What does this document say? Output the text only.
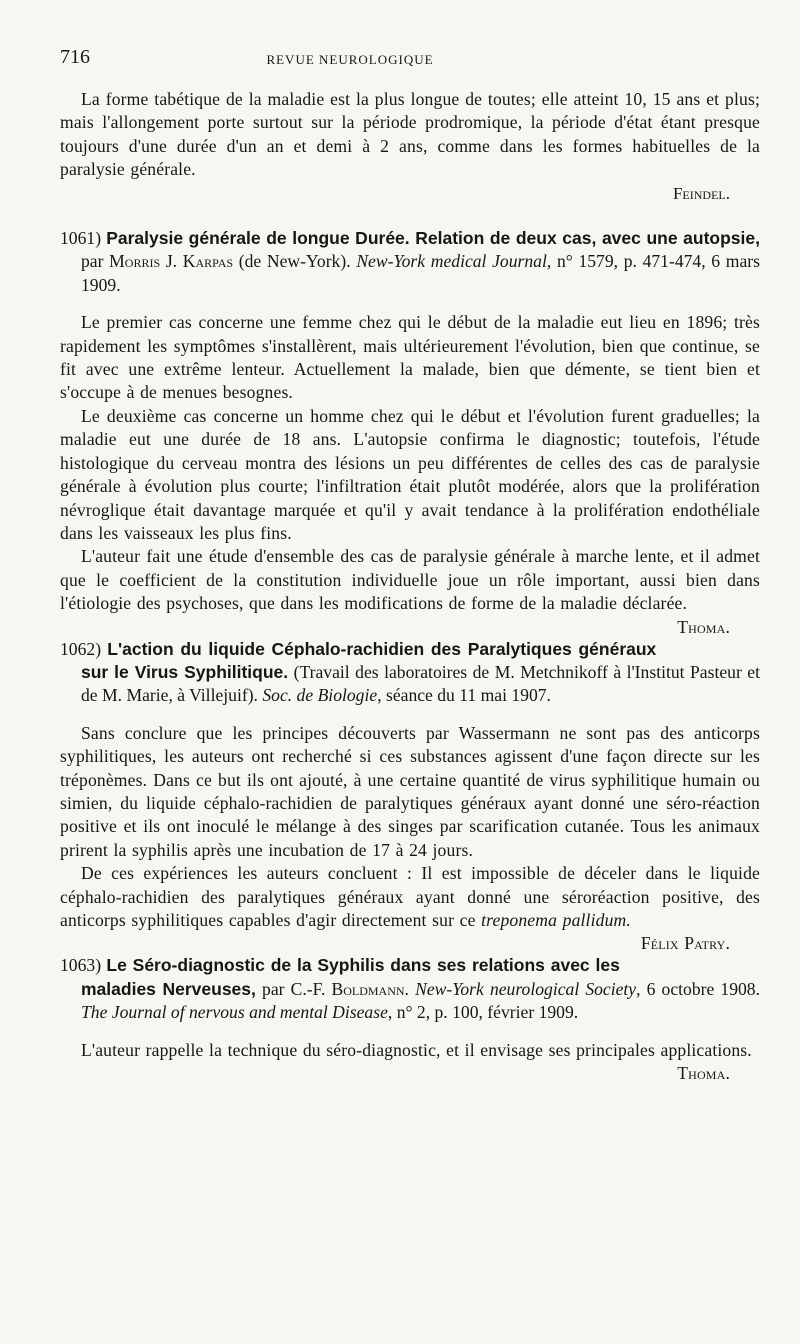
716	REVUE NEUROLOGIQUE

La forme tabétique de la maladie est la plus longue de toutes; elle atteint 10, 15 ans et plus; mais l'allongement porte surtout sur la période prodromique, la période d'état étant presque toujours d'une durée d'un an et demi à 2 ans, comme dans les formes habituelles de la paralysie générale.

Feindel.
1061) Paralysie générale de longue Durée. Relation de deux cas, avec une autopsie, par Morris J. Karpas (de New-York). New-York medical Journal, n° 1579, p. 471-474, 6 mars 1909.

Le premier cas concerne une femme chez qui le début de la maladie eut lieu en 1896; très rapidement les symptômes s'installèrent, mais ultérieurement l'évolution, bien que continue, se fit avec une extrême lenteur. Actuellement la malade, bien que démente, se tient bien et s'occupe à de menues besognes.

Le deuxième cas concerne un homme chez qui le début et l'évolution furent graduelles; la maladie eut une durée de 18 ans. L'autopsie confirma le diagnostic; toutefois, l'étude histologique du cerveau montra des lésions un peu différentes de celles des cas de paralysie générale à évolution plus courte; l'infiltration était plutôt modérée, alors que la prolifération névroglique était davantage marquée et qu'il y avait tendance à la prolifération endothéliale dans les vaisseaux les plus fins.

L'auteur fait une étude d'ensemble des cas de paralysie générale à marche lente, et il admet que le coefficient de la constitution individuelle joue un rôle important, aussi bien dans l'étiologie des psychoses, que dans les modifications de forme de la maladie déclarée.
Thoma.

1062) L'action du liquide Céphalo-rachidien des Paralytiques généraux sur le Virus Syphilitique. (Travail des laboratoires de M. Metchnikoff à l'Institut Pasteur et de M. Marie, à Villejuif). Soc. de Biologie, séance du 11 mai 1907.

Sans conclure que les principes découverts par Wassermann ne sont pas des anticorps syphilitiques, les auteurs ont recherché si ces substances agissent d'une façon directe sur les tréponèmes. Dans ce but ils ont ajouté, à une certaine quantité de virus syphilitique humain ou simien, du liquide céphalo-rachidien de paralytiques généraux ayant donné une séro-réaction positive et ils ont inoculé le mélange à des singes par scarification cutanée. Tous les animaux prirent la syphilis après une incubation de 17 à 24 jours.

De ces expériences les auteurs concluent : Il est impossible de déceler dans le liquide céphalo-rachidien des paralytiques généraux ayant donné une séroréaction positive, des anticorps syphilitiques capables d'agir directement sur ce treponema pallidum.
Félix Patry.

1063) Le Séro-diagnostic de la Syphilis dans ses relations avec les maladies Nerveuses, par C.-F. Boldmann. New-York neurological Society, 6 octobre 1908. The Journal of nervous and mental Disease, n° 2, p. 100, février 1909.

L'auteur rappelle la technique du séro-diagnostic, et il envisage ses principales applications.
Thoma.
